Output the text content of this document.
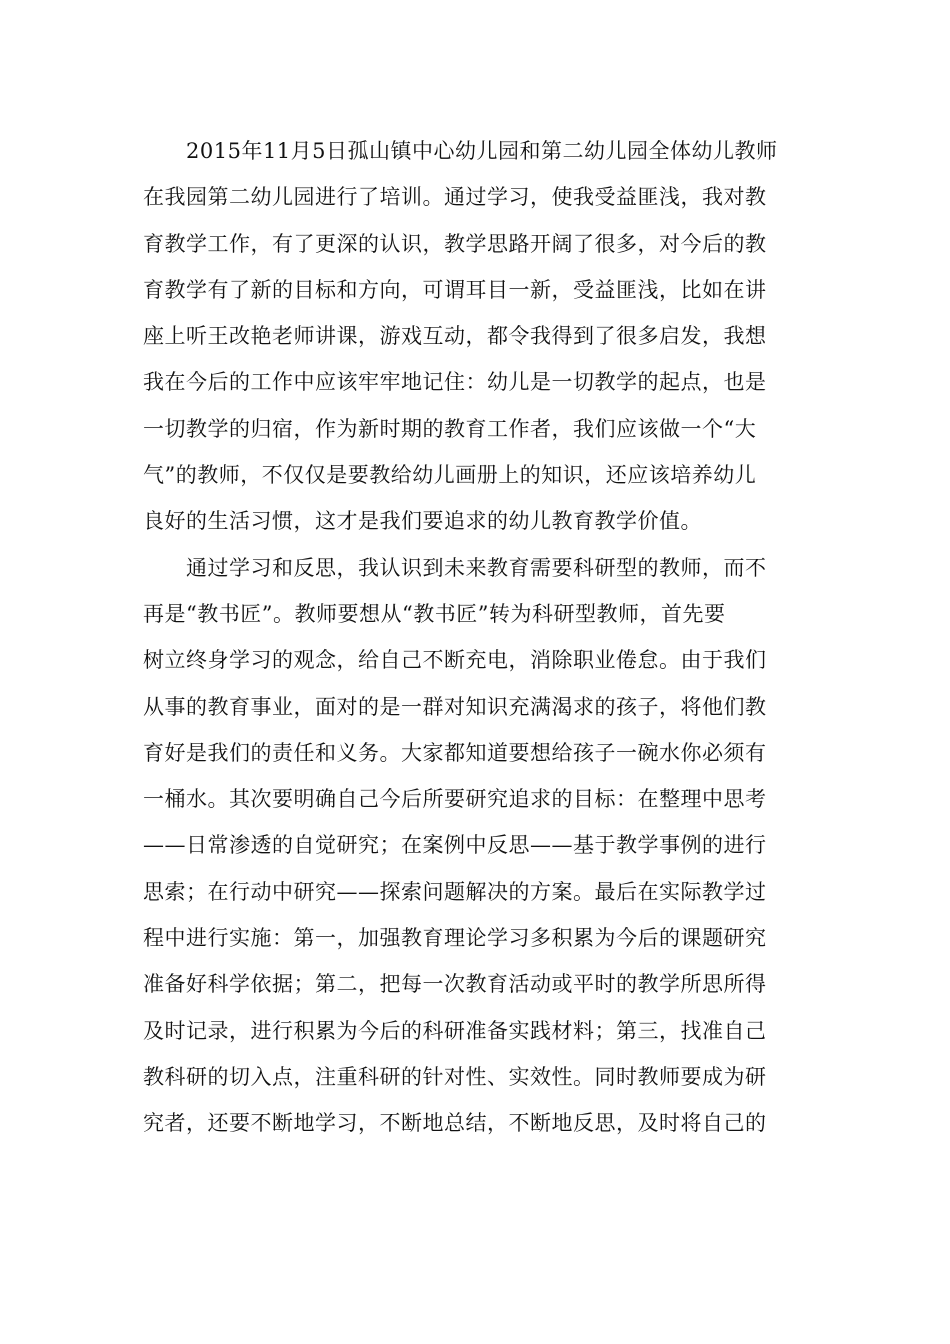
2015年11月5日孤山镇中心幼儿园和第二幼儿园全体幼儿教师
在我园第二幼儿园进行了培训。通过学习，使我受益匪浅，我对教
育教学工作，有了更深的认识，教学思路开阔了很多，对今后的教
育教学有了新的目标和方向，可谓耳目一新，受益匪浅，比如在讲
座上听王改艳老师讲课，游戏互动，都令我得到了很多启发，我想
我在今后的工作中应该牢牢地记住：幼儿是一切教学的起点，也是
一切教学的归宿，作为新时期的教育工作者，我们应该做一个“大
气”的教师，不仅仅是要教给幼儿画册上的知识，还应该培养幼儿
良好的生活习惯，这才是我们要追求的幼儿教育教学价值。

通过学习和反思，我认识到未来教育需要科研型的教师，而不
再是“教书匠”。教师要想从“教书匠”转为科研型教师，首先要
树立终身学习的观念，给自己不断充电，消除职业倦怠。由于我们
从事的教育事业，面对的是一群对知识充满渴求的孩子，将他们教
育好是我们的责任和义务。大家都知道要想给孩子一碗水你必须有
一桶水。其次要明确自己今后所要研究追求的目标：在整理中思考
——日常渗透的自觉研究；在案例中反思——基于教学事例的进行
思索；在行动中研究——探索问题解决的方案。最后在实际教学过
程中进行实施：第一，加强教育理论学习多积累为今后的课题研究
准备好科学依据；第二，把每一次教育活动或平时的教学所思所得
及时记录，进行积累为今后的科研准备实践材料；第三，找准自己
教科研的切入点，注重科研的针对性、实效性。同时教师要成为研
究者，还要不断地学习，不断地总结，不断地反思，及时将自己的
